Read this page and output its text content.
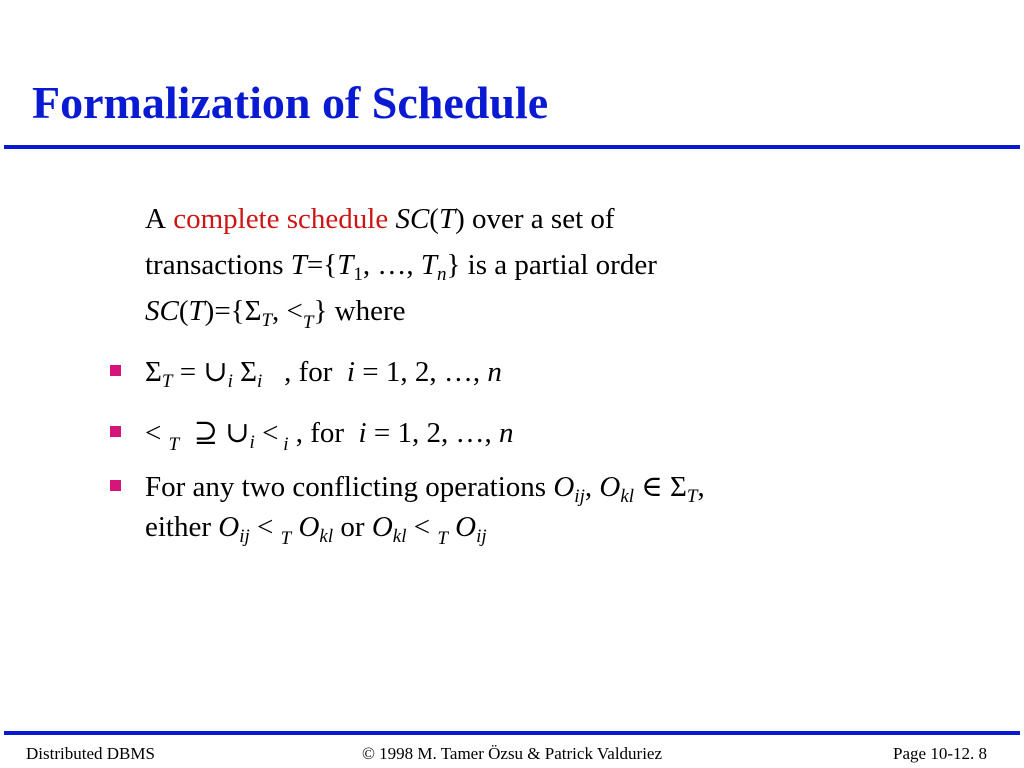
Formalization of Schedule
A complete schedule SC(T) over a set of
transactions $T=\{T_1$, …, $T_n$} is a partial order
$SC(T)=\{\Sigma_T$, $<_T$} where
$\Sigma_T$ = $\cup_i$ $\Sigma_i$   , for  i = 1, 2, …, n
< $_T$  ⊇ $\cup_i < _i$ , for  i = 1, 2, …, n
For any two conflicting operations $O_{ij}$, $O_{kl}$ ∈ $\Sigma_T$,
either $O_{ij} < _T$ $O_{kl}$ or $O_{kl} < _T$ $O_{ij}$
Distributed DBMS	© 1998 M. Tamer Özsu & Patrick Valduriez	Page 10-12. 8
